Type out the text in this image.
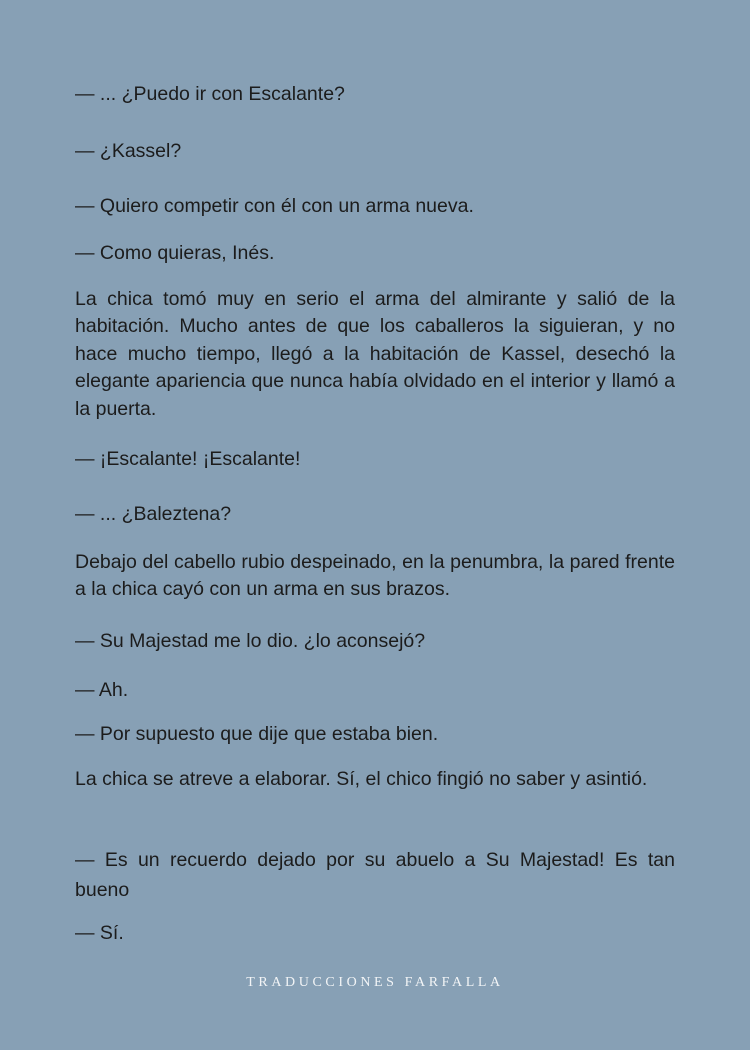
— ... ¿Puedo ir con Escalante?

— ¿Kassel?

— Quiero competir con él con un arma nueva.

— Como quieras, Inés.

La chica tomó muy en serio el arma del almirante y salió de la habitación. Mucho antes de que los caballeros la siguieran, y no hace mucho tiempo, llegó a la habitación de Kassel, desechó la elegante apariencia que nunca había olvidado en el interior y llamó a la puerta.

— ¡Escalante! ¡Escalante!

— ... ¿Baleztena?

Debajo del cabello rubio despeinado, en la penumbra, la pared frente a la chica cayó con un arma en sus brazos.

— Su Majestad me lo dio. ¿lo aconsejó?

— Ah.

— Por supuesto que dije que estaba bien.

La chica se atreve a elaborar. Sí, el chico fingió no saber y asintió.

— Es un recuerdo dejado por su abuelo a Su Majestad! Es tan bueno

— Sí.

TRADUCCIONES FARFALLA
